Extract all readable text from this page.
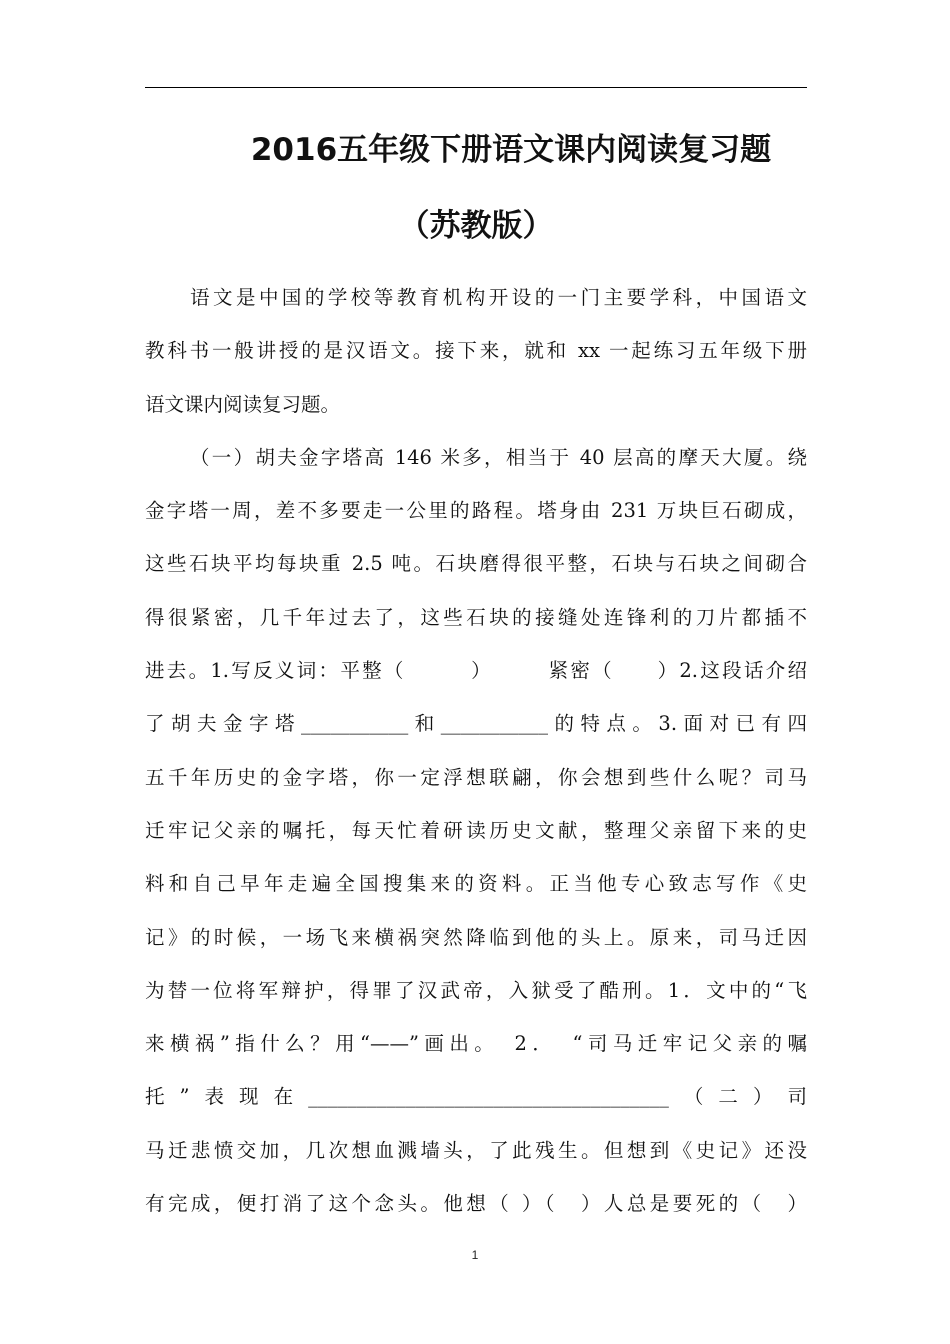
2016五年级下册语文课内阅读复习题
（苏教版）
语文是中国的学校等教育机构开设的一门主要学科，中国语文
教科书一般讲授的是汉语文。接下来，就和 xx 一起练习五年级下册
语文课内阅读复习题。
（一）胡夫金字塔高 146 米多，相当于 40 层高的摩天大厦。绕
金字塔一周，差不多要走一公里的路程。塔身由 231 万块巨石砌成，
这些石块平均每块重 2.5 吨。石块磨得很平整，石块与石块之间砌合
得很紧密，几千年过去了，这些石块的接缝处连锋利的刀片都插不
进去。1.写反义词：平整（　　　）　　　紧密（　　）2.这段话介绍
了胡夫金字塔___________和___________的特点。3.面对已有四
五千年历史的金字塔，你一定浮想联翩，你会想到些什么呢？司马
迁牢记父亲的嘱托，每天忙着研读历史文献，整理父亲留下来的史
料和自己早年走遍全国搜集来的资料。正当他专心致志写作《史
记》的时候，一场飞来横祸突然降临到他的头上。原来，司马迁因
为替一位将军辩护，得罪了汉武帝，入狱受了酷刑。1．文中的“飞
来横祸”指什么？用“——”画出。　2．　“司马迁牢记父亲的嘱
托”表现在_____________________________________（二）司
马迁悲愤交加，几次想血溅墙头，了此残生。但想到《史记》还没
有完成，便打消了这个念头。他想（ ）（　）人总是要死的（　）
1
